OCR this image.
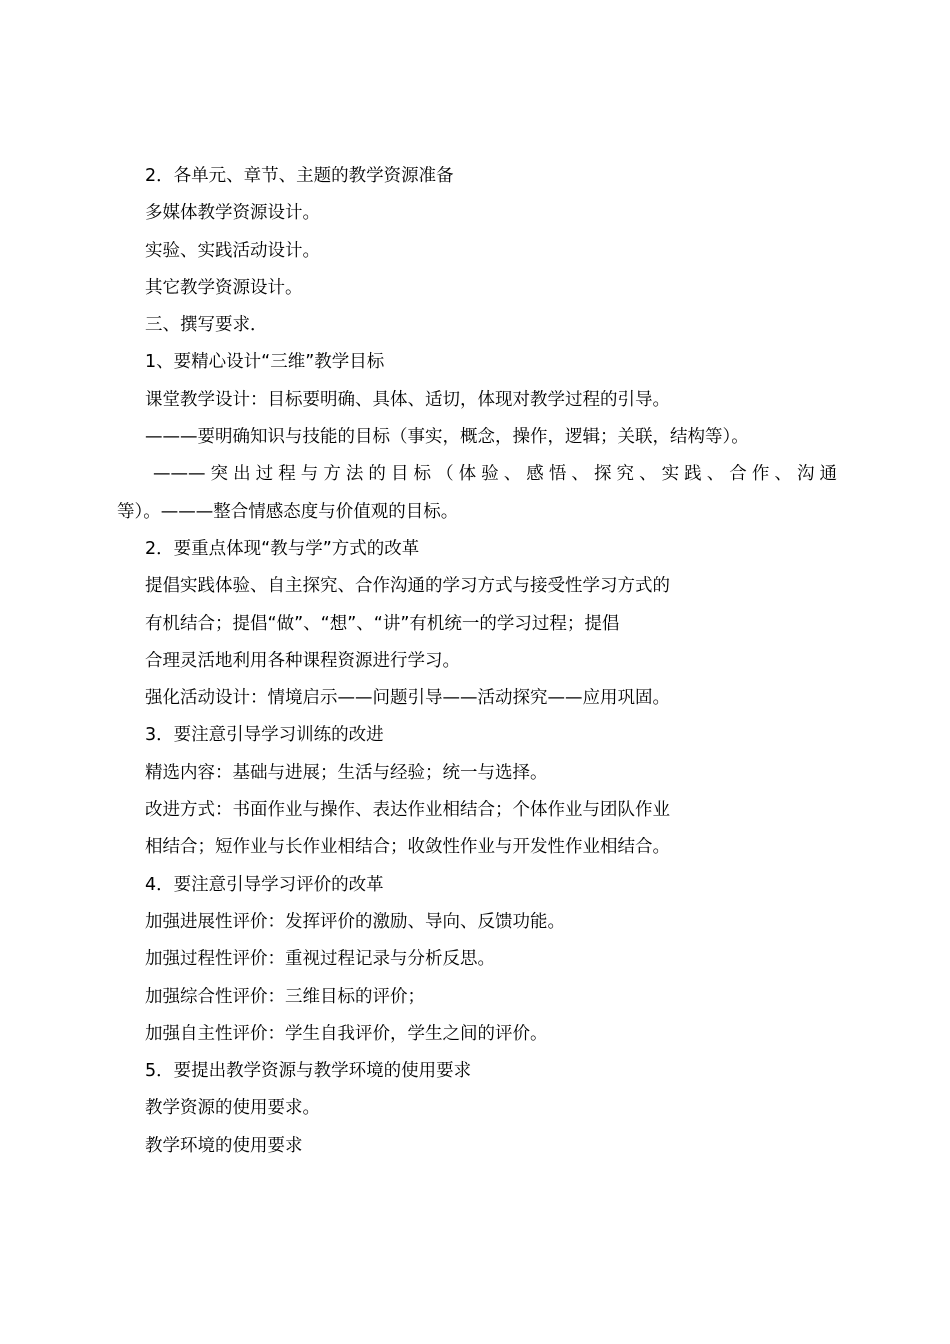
2．各单元、章节、主题的教学资源准备
多媒体教学资源设计。
实验、实践活动设计。
其它教学资源设计。
三、撰写要求．
1、要精心设计“三维”教学目标
课堂教学设计：目标要明确、具体、适切，体现对教学过程的引导。
———要明确知识与技能的目标（事实，概念，操作，逻辑；关联，结构等）。
———突出过程与方法的目标（体验、感悟、探究、实践、合作、沟通
等）。———整合情感态度与价值观的目标。
2．要重点体现“教与学”方式的改革
提倡实践体验、自主探究、合作沟通的学习方式与接受性学习方式的
有机结合；提倡“做”、“想”、“讲”有机统一的学习过程；提倡
合理灵活地利用各种课程资源进行学习。
强化活动设计：情境启示——问题引导——活动探究——应用巩固。
3．要注意引导学习训练的改进
精选内容：基础与进展；生活与经验；统一与选择。
改进方式：书面作业与操作、表达作业相结合；个体作业与团队作业
相结合；短作业与长作业相结合；收敛性作业与开发性作业相结合。
4．要注意引导学习评价的改革
加强进展性评价：发挥评价的激励、导向、反馈功能。
加强过程性评价：重视过程记录与分析反思。
加强综合性评价：三维目标的评价；
加强自主性评价：学生自我评价，学生之间的评价。
5．要提出教学资源与教学环境的使用要求
教学资源的使用要求。
教学环境的使用要求
